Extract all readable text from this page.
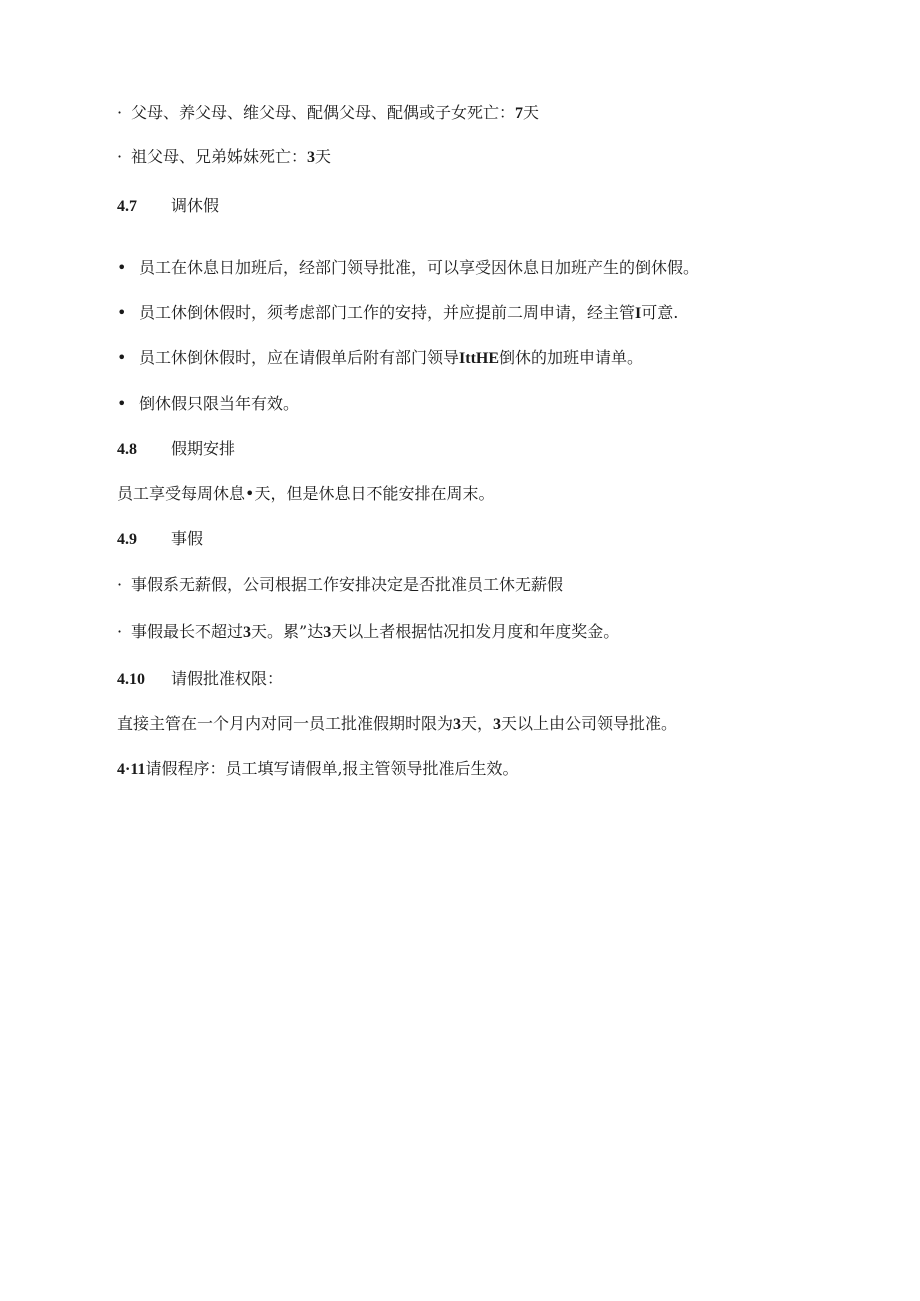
· 父母、养父母、维父母、配偶父母、配偶或子女死亡：7天
· 祖父母、兄弟姊妹死亡：3天
4.7 调休假
• 员工在休息日加班后，经部门领导批准，可以享受因休息日加班产生的倒休假。
• 员工休倒休假时，须考虑部门工作的安持，并应提前二周申请，经主管I可意.
• 员工休倒休假时，应在请假单后附有部门领导IttHE倒休的加班申请单。
• 倒休假只限当年有效。
4.8 假期安排
员工享受每周休息•天，但是休息日不能安排在周末。
4.9 事假
· 事假系无薪假，公司根据工作安排决定是否批准员工休无薪假
· 事假最长不超过3天。累”达3天以上者根据怙况扣发月度和年度奖金。
4.10 请假批准权限：
直接主管在一个月内对同一员工批准假期时限为3天，3天以上由公司领导批准。
4·11请假程序：员工填写请假单,报主管领导批准后生效。
